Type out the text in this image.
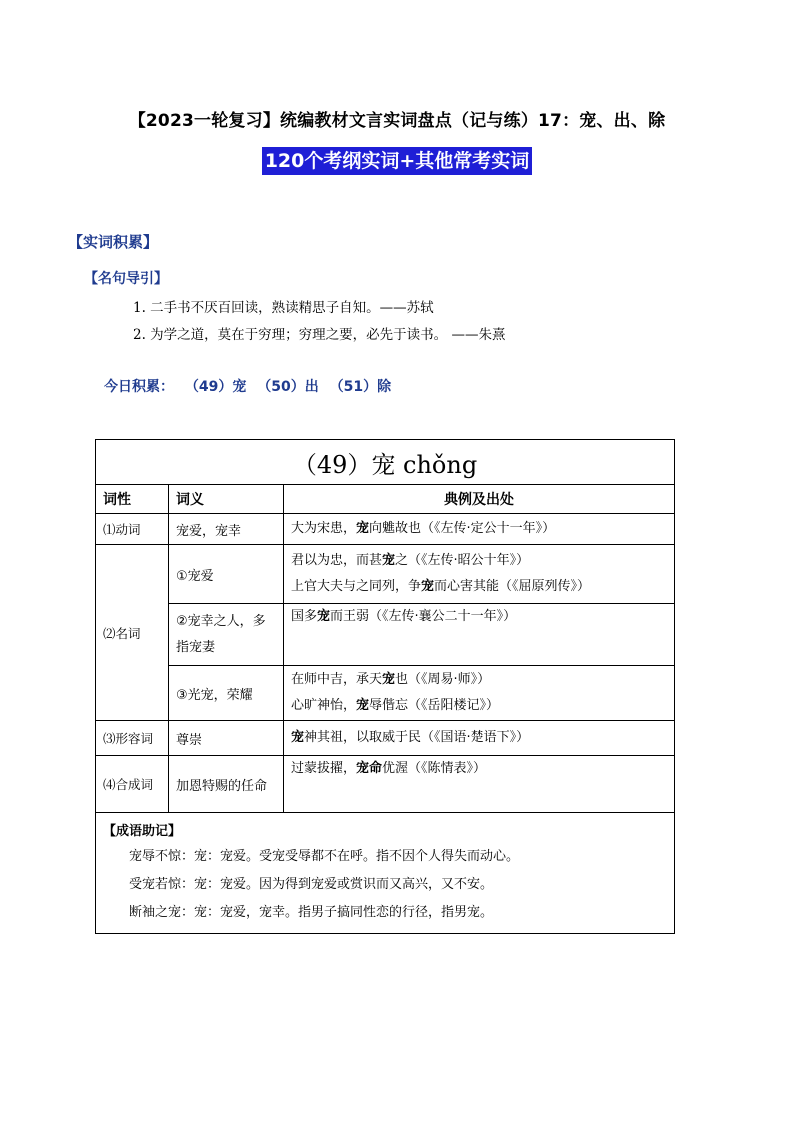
【2023一轮复习】统编教材文言实词盘点（记与练）17：宠、出、除
120个考纲实词+其他常考实词
【实词积累】
【名句导引】
1. 二手书不厌百回读，熟读精思子自知。——苏轼
2. 为学之道，莫在于穷理；穷理之要，必先于读书。 ——朱熹
今日积累： （49）宠 （50）出 （51）除
（49）宠 chǒng		
词性	词义	典例及出处
⑴动词	宠爱，宠幸	大为宋患，宠向魋故也（《左传·定公十一年》）

⑵名词	①宠爱	君以为忠，而甚宠之（《左传·昭公十年》）
上官大夫与之同列，争宠而心害其能（《屈原列传》）

	②宠幸之人，多指宠妻	国多宠而王弱（《左传·襄公二十一年》）

	③光宠，荣耀	在师中吉，承天宠也（《周易·师》）
心旷神怡，宠辱偕忘（《岳阳楼记》）

⑶形容词	尊崇	宠神其祖，以取威于民（《国语·楚语下》）

⑷合成词	加恩特赐的任命	过蒙拔擢，宠命优渥（《陈情表》）

【成语助记】
宠辱不惊：宠：宠爱。受宠受辱都不在呼。指不因个人得失而动心。
受宠若惊：宠：宠爱。因为得到宠爱或赏识而又高兴，又不安。
断袖之宠：宠：宠爱，宠幸。指男子搞同性恋的行径，指男宠。		
